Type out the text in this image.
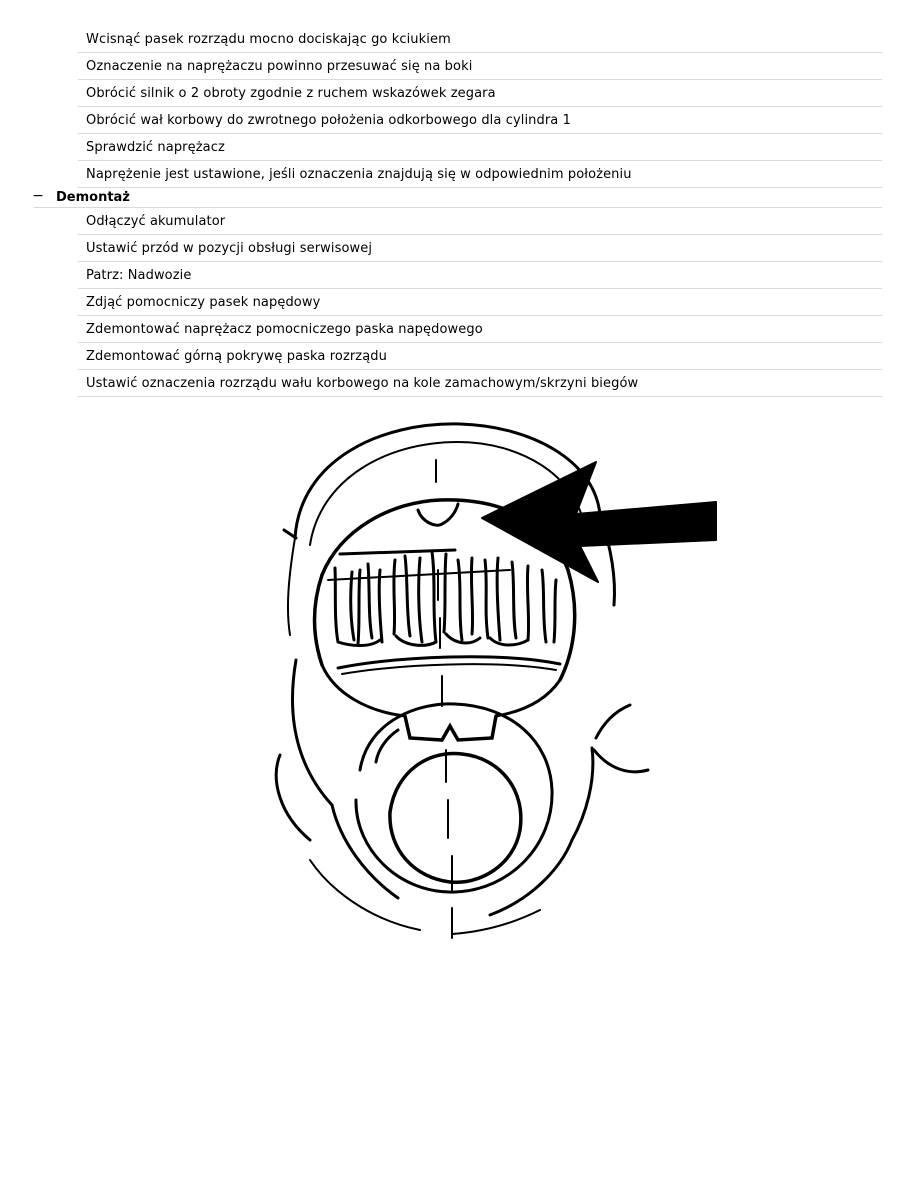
Wcisnąć pasek rozrządu mocno dociskając go kciukiem
Oznaczenie na naprężaczu powinno przesuwać się na boki
Obrócić silnik o 2 obroty zgodnie z ruchem wskazówek zegara
Obrócić wał korbowy do zwrotnego położenia odkorbowego dla cylindra 1
Sprawdzić naprężacz
Naprężenie jest ustawione, jeśli oznaczenia znajdują się w odpowiednim położeniu
− Demontaż
Odłączyć akumulator
Ustawić przód w pozycji obsługi serwisowej
Patrz: Nadwozie
Zdjąć pomocniczy pasek napędowy
Zdemontować naprężacz pomocniczego paska napędowego
Zdemontować górną pokrywę paska rozrządu
Ustawić oznaczenia rozrządu wału korbowego na kole zamachowym/skrzyni biegów
